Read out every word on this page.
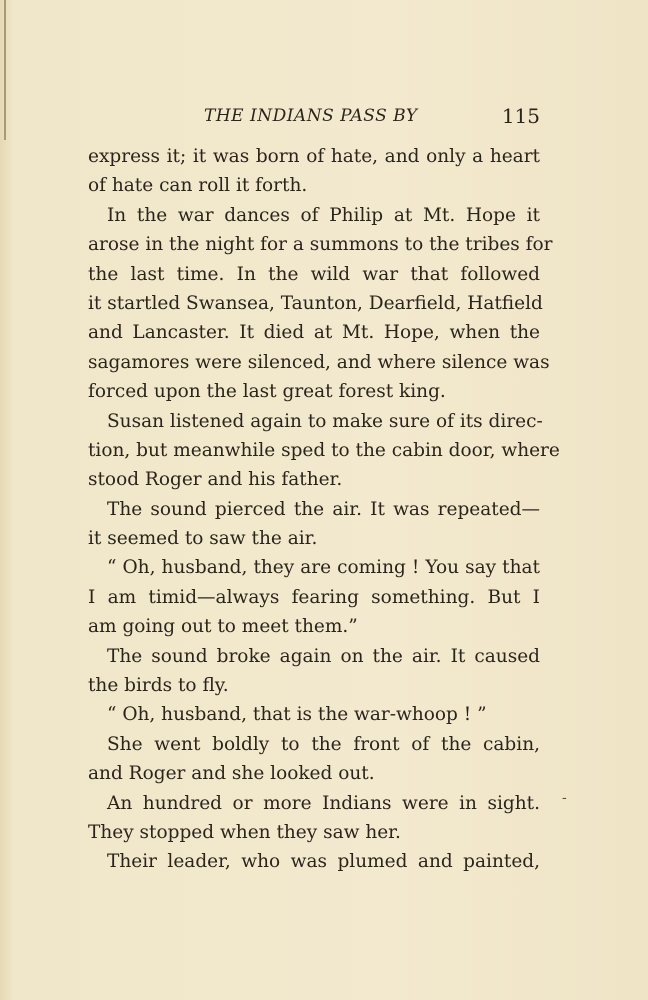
THE INDIANS PASS BY	115
express it; it was born of hate, and only a heart
of hate can roll it forth.
In the war dances of Philip at Mt. Hope it
arose in the night for a summons to the tribes for
the last time. In the wild war that followed
it startled Swansea, Taunton, Dearfield, Hatfield
and Lancaster. It died at Mt. Hope, when the
sagamores were silenced, and where silence was
forced upon the last great forest king.
Susan listened again to make sure of its direc-
tion, but meanwhile sped to the cabin door, where
stood Roger and his father.
The sound pierced the air. It was repeated—
it seemed to saw the air.
“ Oh, husband, they are coming ! You say that
I am timid—always fearing something. But I
am going out to meet them.”
The sound broke again on the air. It caused
the birds to fly.
“ Oh, husband, that is the war-whoop ! ”
She went boldly to the front of the cabin,
and Roger and she looked out.
An hundred or more Indians were in sight.
They stopped when they saw her.
Their leader, who was plumed and painted,
-
